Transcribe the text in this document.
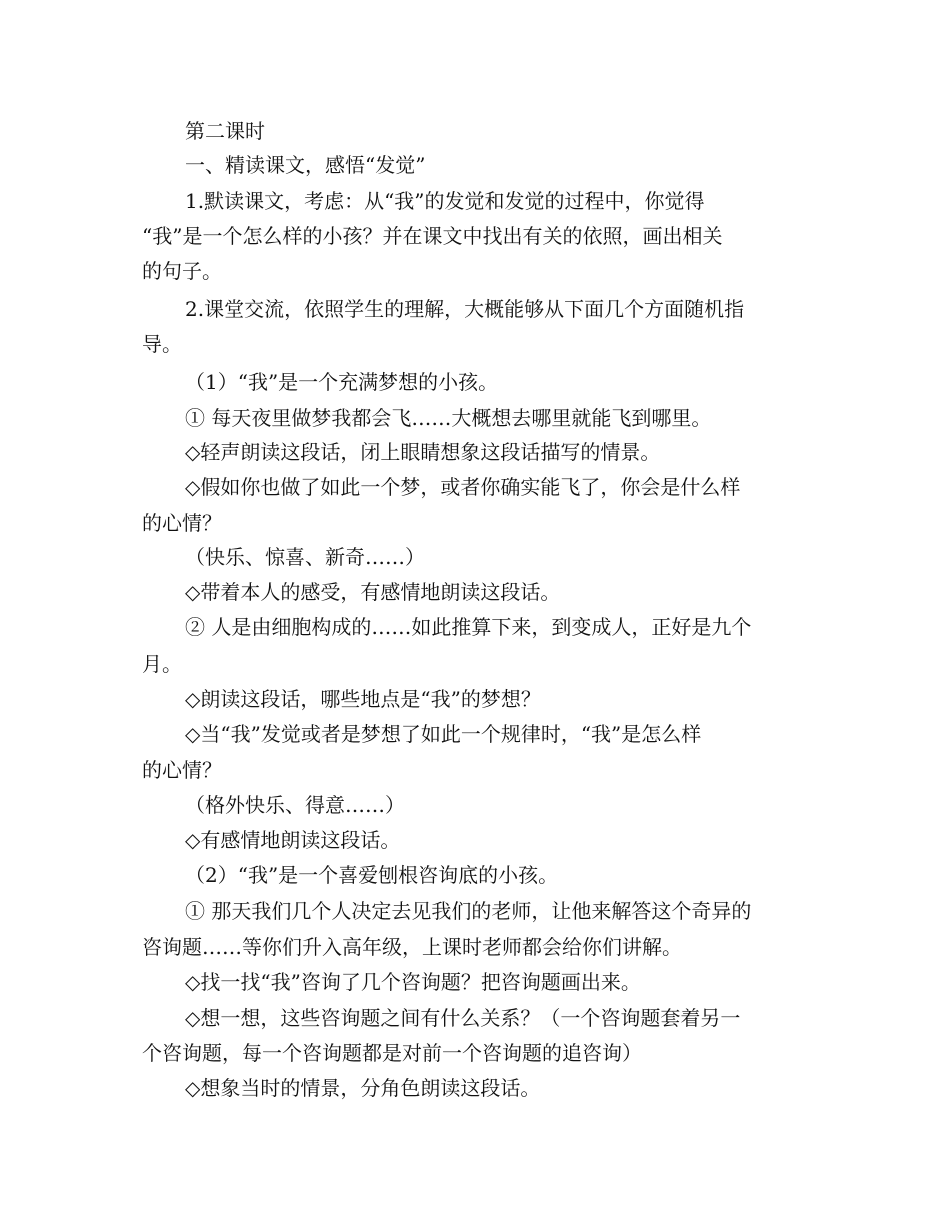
第二课时

一、精读课文，感悟“发觉”

1.默读课文，考虑：从“我”的发觉和发觉的过程中，你觉得

“我”是一个怎么样的小孩？并在课文中找出有关的依照，画出相关

的句子。

2.课堂交流，依照学生的理解，大概能够从下面几个方面随机指

导。

（1）“我”是一个充满梦想的小孩。

① 每天夜里做梦我都会飞……大概想去哪里就能飞到哪里。

◇轻声朗读这段话，闭上眼睛想象这段话描写的情景。

◇假如你也做了如此一个梦，或者你确实能飞了，你会是什么样

的心情？

（快乐、惊喜、新奇……）

◇带着本人的感受，有感情地朗读这段话。

② 人是由细胞构成的……如此推算下来，到变成人，正好是九个

月。

◇朗读这段话，哪些地点是“我”的梦想？

◇当“我”发觉或者是梦想了如此一个规律时，“我”是怎么样

的心情？

（格外快乐、得意……）

◇有感情地朗读这段话。

（2）“我”是一个喜爱刨根咨询底的小孩。

① 那天我们几个人决定去见我们的老师，让他来解答这个奇异的

咨询题……等你们升入高年级，上课时老师都会给你们讲解。

◇找一找“我”咨询了几个咨询题？把咨询题画出来。

◇想一想，这些咨询题之间有什么关系？（一个咨询题套着另一

个咨询题，每一个咨询题都是对前一个咨询题的追咨询）

◇想象当时的情景，分角色朗读这段话。
